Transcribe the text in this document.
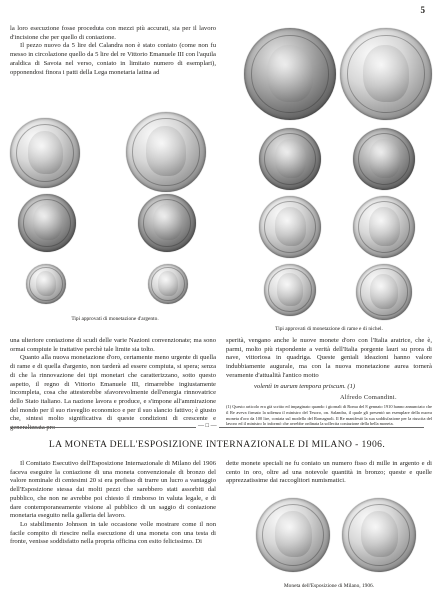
5

la loro esecuzione fosse proceduta con mezzi più accurati, sia per il lavoro d'incisione che per quello di coniazione.

Il pezzo nuovo da 5 lire del Calandra non è stato coniato (come non fu messo in circolazione quello da 5 lire del re Vittorio Emanuele III con l'aquila araldica di Savoia nel verso, coniato in limitato numero di esemplari), opponendosi finora i patti della Lega monetaria latina ad

Tipi approvati di monetazione d'argento.
Tipi approvati di monetazione di rame e di nichel.

una ulteriore coniazione di scudi delle varie Nazioni convenzionate; ma sono ormai compiute le trattative perchè tale limite sia tolto.

Quanto alla nuova monetazione d'oro, certamente meno urgente di quella di rame e di quella d'argento, non tarderà ad essere compiuta, si spera; senza di che la rinnovazione dei tipi monetari che caratterizzano, sotto questo aspetto, il regno di Vittorio Emanuele III, rimarrebbe ingiustamente incompleta, cosa che attesterebbe sfavorevolmente dell'energia rinnovatrice dello Stato italiano. La nazione lavora e produce, e s'impone all'ammirazione del mondo per il suo risveglio economico e per il suo slancio fattivo; è giusto che, sintesi molto significativa di queste condizioni di crescente e

sperità, vengano anche le nuove monete d'oro con l'Italia aratrice, che è, parmi, molto più rispondente a verità dell'Italia porgente lauri su prora di nave, vittoriosa in quadriga. Queste geniali ideazioni hanno valore indubbiamente augurale, ma con la nuova monetazione aurea tornerà veramente d'attualità l'antico motto

volentì in aurum tempora priscum. (1)
Alfredo Comandini.
(1) Questo articolo era già scritto ed impaginato quando i giornali di Roma del 8 gennaio 1910 hanno annunciato che il Re aveva firmato la udienza il ministro del Tesoro, on. Salandra, il quale gli presentò un esemplare della nuova moneta d'oro da 100 lire, coniata sul modello del Romagnoli. Il Re manifestò la sua soddisfazione per la riuscita del lavoro ed il ministro lo informò che avrebbe ordinata la sollecita coniazione della bella moneta.
— □ —
LA MONETA DELL'ESPOSIZIONE INTERNAZIONALE DI MILANO - 1906.

Il Comitato Esecutivo dell'Esposizione Internazionale di Milano del 1906 faceva eseguire la coniazione di una moneta convenzionale di bronzo del valore nominale di centesimi 20 si era prefisso di trarre un lucro a vantaggio dell'Esposizione stessa dai molti pezzi che sarebbero stati assorbiti dal pubblico, che non ne avrebbe poi chiesto il rimborso in valuta legale, e di dare contemporaneamente visione al pubblico di un saggio di coniazione monetaria eseguito nella galleria del lavoro.

Lo stabilimento Johnson in tale occasione volle mostrare come il non facile compito di riescire nella esecuzione di una moneta con una testa di fronte, venisse soddisfatto nella propria officina con esito felicissimo. Di

dette monete speciali ne fu coniato un numero fisso di mille in argento e di cento in oro, oltre ad una notevole quantità in bronzo; queste e quelle apprezzatissime dai raccoglitori numismatici.

Moneta dell'Esposizione di Milano, 1906.
